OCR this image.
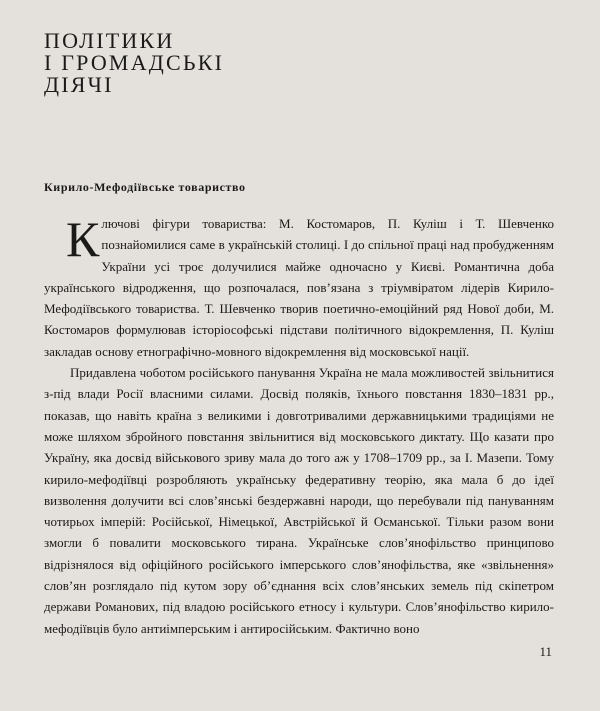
ПОЛІТИКИ
І ГРОМАДСЬКІ
ДІЯЧІ
Кирило-Мефодіївське товариство

Ключові фігури товариства: М. Костомаров, П. Куліш і Т. Шевченко познайомилися саме в українській столиці. І до спільної праці над пробудженням України усі троє долучилися майже одночасно у Києві. Романтична доба українського відродження, що розпочалася, пов’язана з тріумвіратом лідерів Кирило-Мефодіївського товариства. Т. Шевченко творив поетично-емоційний ряд Нової доби, М. Костомаров формулював історіософські підстави політичного відокремлення, П. Куліш закладав основу етнографічно-мовного відокремлення від московської нації.

Придавлена чоботом російського панування Україна не мала можливостей звільнитися з-під влади Росії власними силами. Досвід поляків, їхнього повстання 1830–1831 рр., показав, що навіть країна з великими і довготривалими державницькими традиціями не може шляхом збройного повстання звільнитися від московського диктату. Що казати про Україну, яка досвід військового зриву мала до того аж у 1708–1709 рр., за І. Мазепи. Тому кирило-мефодіївці розробляють українську федеративну теорію, яка мала б до ідеї визволення долучити всі слов’янські бездержавні народи, що перебували під пануванням чотирьох імперій: Російської, Німецької, Австрійської й Османської. Тільки разом вони змогли б повалити московського тирана. Українське слов’янофільство принципово відрізнялося від офіційного російського імперського слов’янофільства, яке «звільнення» слов’ян розглядало під кутом зору об’єднання всіх слов’янських земель під скіпетром держави Романових, під владою російського етносу і культури. Слов’янофільство кирило-мефодіївців було антиімперським і антиросійським. Фактично воно

11
